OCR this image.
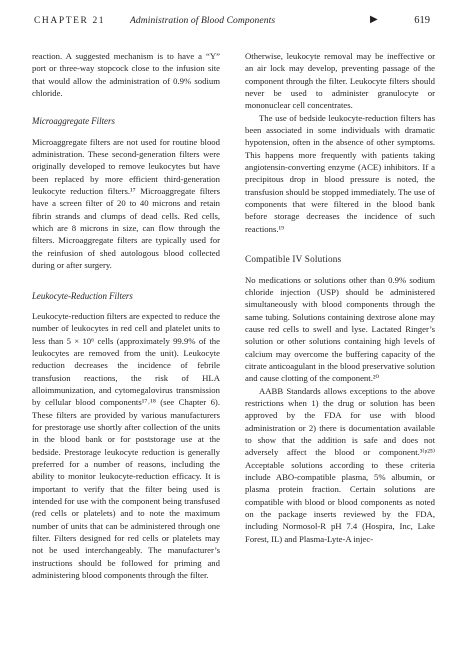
CHAPTER 21	Administration of Blood Components	▶	619

reaction. A suggested mechanism is to have a “Y” port or three-way stopcock close to the infusion site that would allow the administration of 0.9% sodium chloride.

Microaggregate Filters

Microaggregate filters are not used for routine blood administration. These second-generation filters were originally developed to remove leukocytes but have been replaced by more efficient third-generation leukocyte reduction filters.¹⁷ Microaggregate filters have a screen filter of 20 to 40 microns and retain fibrin strands and clumps of dead cells. Red cells, which are 8 microns in size, can flow through the filters. Microaggregate filters are typically used for the reinfusion of shed autologous blood collected during or after surgery.

Leukocyte-Reduction Filters

Leukocyte-reduction filters are expected to reduce the number of leukocytes in red cell and platelet units to less than 5 × 10⁶ cells (approximately 99.9% of the leukocytes are removed from the unit). Leukocyte reduction decreases the incidence of febrile transfusion reactions, the risk of HLA alloimmunization, and cytomegalovirus transmission by cellular blood components¹⁷˒¹⁸ (see Chapter 6). These filters are provided by various manufacturers for prestorage use shortly after collection of the units in the blood bank or for poststorage use at the bedside. Prestorage leukocyte reduction is generally preferred for a number of reasons, including the ability to monitor leukocyte-reduction efficacy. It is important to verify that the filter being used is intended for use with the component being transfused (red cells or platelets) and to note the maximum number of units that can be administered through one filter. Filters designed for red cells or platelets may not be used interchangeably. The manufacturer’s instructions should be followed for priming and administering blood components through the filter.

Otherwise, leukocyte removal may be ineffective or an air lock may develop, preventing passage of the component through the filter. Leukocyte filters should never be used to administer granulocyte or mononuclear cell concentrates.

The use of bedside leukocyte-reduction filters has been associated in some individuals with dramatic hypotension, often in the absence of other symptoms. This happens more frequently with patients taking angiotensin-converting enzyme (ACE) inhibitors. If a precipitous drop in blood pressure is noted, the transfusion should be stopped immediately. The use of components that were filtered in the blood bank before storage decreases the incidence of such reactions.¹⁹

Compatible IV Solutions

No medications or solutions other than 0.9% sodium chloride injection (USP) should be administered simultaneously with blood components through the same tubing. Solutions containing dextrose alone may cause red cells to swell and lyse. Lactated Ringer’s solution or other solutions containing high levels of calcium may overcome the buffering capacity of the citrate anticoagulant in the blood preservative solution and cause clotting of the component.²⁰

AABB Standards allows exceptions to the above restrictions when 1) the drug or solution has been approved by the FDA for use with blood administration or 2) there is documentation available to show that the addition is safe and does not adversely affect the blood or component.³⁽ᵖ²⁵⁾ Acceptable solutions according to these criteria include ABO-compatible plasma, 5% albumin, or plasma protein fraction. Certain solutions are compatible with blood or blood components as noted on the package inserts reviewed by the FDA, including Normosol-R pH 7.4 (Hospira, Inc, Lake Forest, IL) and Plasma-Lyte-A injec-
